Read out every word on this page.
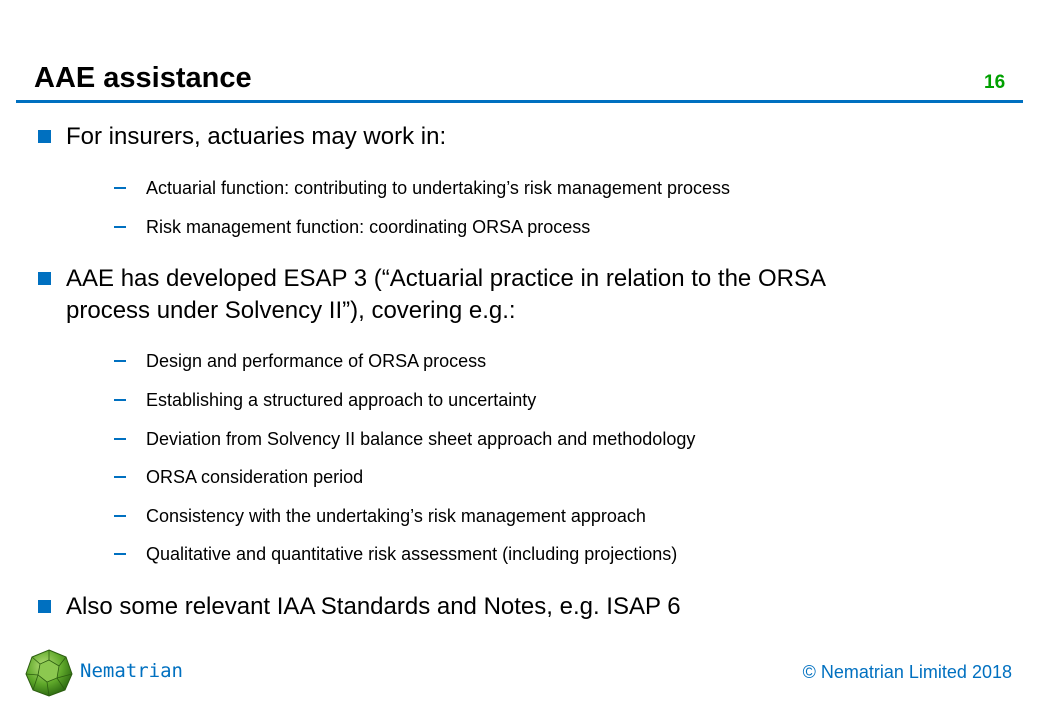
AAE assistance	16
For insurers, actuaries may work in:
Actuarial function: contributing to undertaking’s risk management process
Risk management function: coordinating ORSA process
AAE has developed ESAP 3 (“Actuarial practice in relation to the ORSA
process under Solvency II”), covering e.g.:
Design and performance of ORSA process
Establishing a structured approach to uncertainty
Deviation from Solvency II balance sheet approach and methodology
ORSA consideration period
Consistency with the undertaking’s risk management approach
Qualitative and quantitative risk assessment (including projections)
Also some relevant IAA Standards and Notes, e.g. ISAP 6
Nematrian	© Nematrian Limited 2018
